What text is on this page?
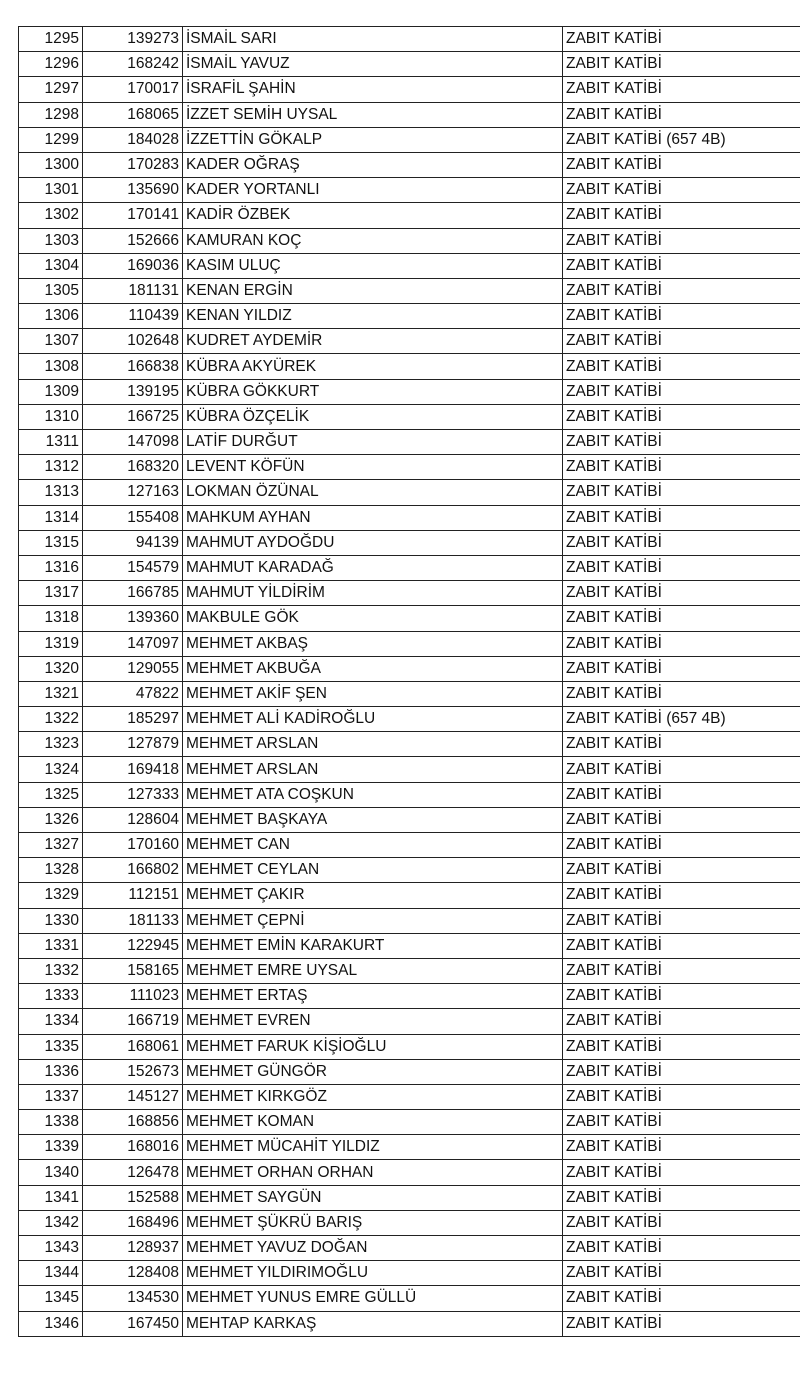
1295	139273	İSMAİL SARI	ZABIT KATİBİ
1296	168242	İSMAİL YAVUZ	ZABIT KATİBİ
1297	170017	İSRAFİL ŞAHİN	ZABIT KATİBİ
1298	168065	İZZET SEMİH UYSAL	ZABIT KATİBİ
1299	184028	İZZETTİN GÖKALP	ZABIT KATİBİ (657 4B)
1300	170283	KADER OĞRAŞ	ZABIT KATİBİ
1301	135690	KADER YORTANLI	ZABIT KATİBİ
1302	170141	KADİR ÖZBEK	ZABIT KATİBİ
1303	152666	KAMURAN KOÇ	ZABIT KATİBİ
1304	169036	KASIM ULUÇ	ZABIT KATİBİ
1305	181131	KENAN ERGİN	ZABIT KATİBİ
1306	110439	KENAN YILDIZ	ZABIT KATİBİ
1307	102648	KUDRET AYDEMİR	ZABIT KATİBİ
1308	166838	KÜBRA AKYÜREK	ZABIT KATİBİ
1309	139195	KÜBRA GÖKKURT	ZABIT KATİBİ
1310	166725	KÜBRA ÖZÇELİK	ZABIT KATİBİ
1311	147098	LATİF DURĞUT	ZABIT KATİBİ
1312	168320	LEVENT KÖFÜN	ZABIT KATİBİ
1313	127163	LOKMAN ÖZÜNAL	ZABIT KATİBİ
1314	155408	MAHKUM AYHAN	ZABIT KATİBİ
1315	94139	MAHMUT AYDOĞDU	ZABIT KATİBİ
1316	154579	MAHMUT KARADAĞ	ZABIT KATİBİ
1317	166785	MAHMUT YİLDİRİM	ZABIT KATİBİ
1318	139360	MAKBULE GÖK	ZABIT KATİBİ
1319	147097	MEHMET AKBAŞ	ZABIT KATİBİ
1320	129055	MEHMET AKBUĞA	ZABIT KATİBİ
1321	47822	MEHMET AKİF ŞEN	ZABIT KATİBİ
1322	185297	MEHMET ALİ KADİROĞLU	ZABIT KATİBİ (657 4B)
1323	127879	MEHMET ARSLAN	ZABIT KATİBİ
1324	169418	MEHMET ARSLAN	ZABIT KATİBİ
1325	127333	MEHMET ATA COŞKUN	ZABIT KATİBİ
1326	128604	MEHMET BAŞKAYA	ZABIT KATİBİ
1327	170160	MEHMET CAN	ZABIT KATİBİ
1328	166802	MEHMET CEYLAN	ZABIT KATİBİ
1329	112151	MEHMET ÇAKIR	ZABIT KATİBİ
1330	181133	MEHMET ÇEPNİ	ZABIT KATİBİ
1331	122945	MEHMET EMİN KARAKURT	ZABIT KATİBİ
1332	158165	MEHMET EMRE UYSAL	ZABIT KATİBİ
1333	111023	MEHMET ERTAŞ	ZABIT KATİBİ
1334	166719	MEHMET EVREN	ZABIT KATİBİ
1335	168061	MEHMET FARUK KİŞİOĞLU	ZABIT KATİBİ
1336	152673	MEHMET GÜNGÖR	ZABIT KATİBİ
1337	145127	MEHMET KIRKGÖZ	ZABIT KATİBİ
1338	168856	MEHMET KOMAN	ZABIT KATİBİ
1339	168016	MEHMET MÜCAHİT YILDIZ	ZABIT KATİBİ
1340	126478	MEHMET ORHAN ORHAN	ZABIT KATİBİ
1341	152588	MEHMET SAYGÜN	ZABIT KATİBİ
1342	168496	MEHMET ŞÜKRÜ BARIŞ	ZABIT KATİBİ
1343	128937	MEHMET YAVUZ DOĞAN	ZABIT KATİBİ
1344	128408	MEHMET YILDIRIMOĞLU	ZABIT KATİBİ
1345	134530	MEHMET YUNUS EMRE GÜLLÜ	ZABIT KATİBİ
1346	167450	MEHTAP KARKAŞ	ZABIT KATİBİ
